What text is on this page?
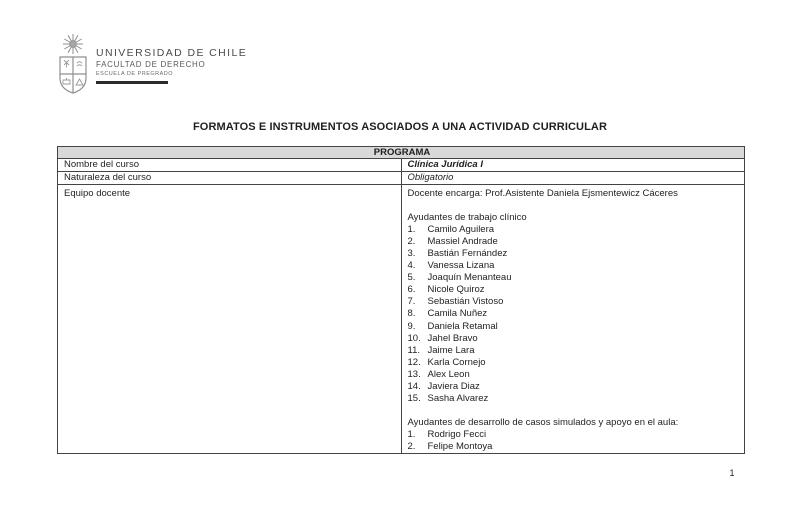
UNIVERSIDAD DE CHILE
FACULTAD DE DERECHO
ESCUELA DE PREGRADO
FORMATOS E INSTRUMENTOS ASOCIADOS A UNA ACTIVIDAD CURRICULAR
PROGRAMA	
Nombre del curso	Clínica Jurídica I
Naturaleza del curso	Obligatorio
Equipo docente	Docente encarga: Prof.Asistente Daniela Ejsmentewicz Cáceres
Ayudantes de trabajo clínico
1.	Camilo Aguilera
2.	Massiel Andrade
3.	Bastián Fernández
4.	Vanessa Lizana
5.	Joaquín Menanteau
6.	Nicole Quiroz
7.	Sebastián Vistoso
8.	Camila Nuñez
9.	Daniela Retamal
10. Jahel Bravo
11. Jaime Lara
12. Karla Cornejo
13. Alex Leon
14. Javiera Diaz
15. Sasha Alvarez
Ayudantes de desarrollo de casos simulados y apoyo en el aula:
1.	Rodrigo Fecci
2.	Felipe Montoya
1
